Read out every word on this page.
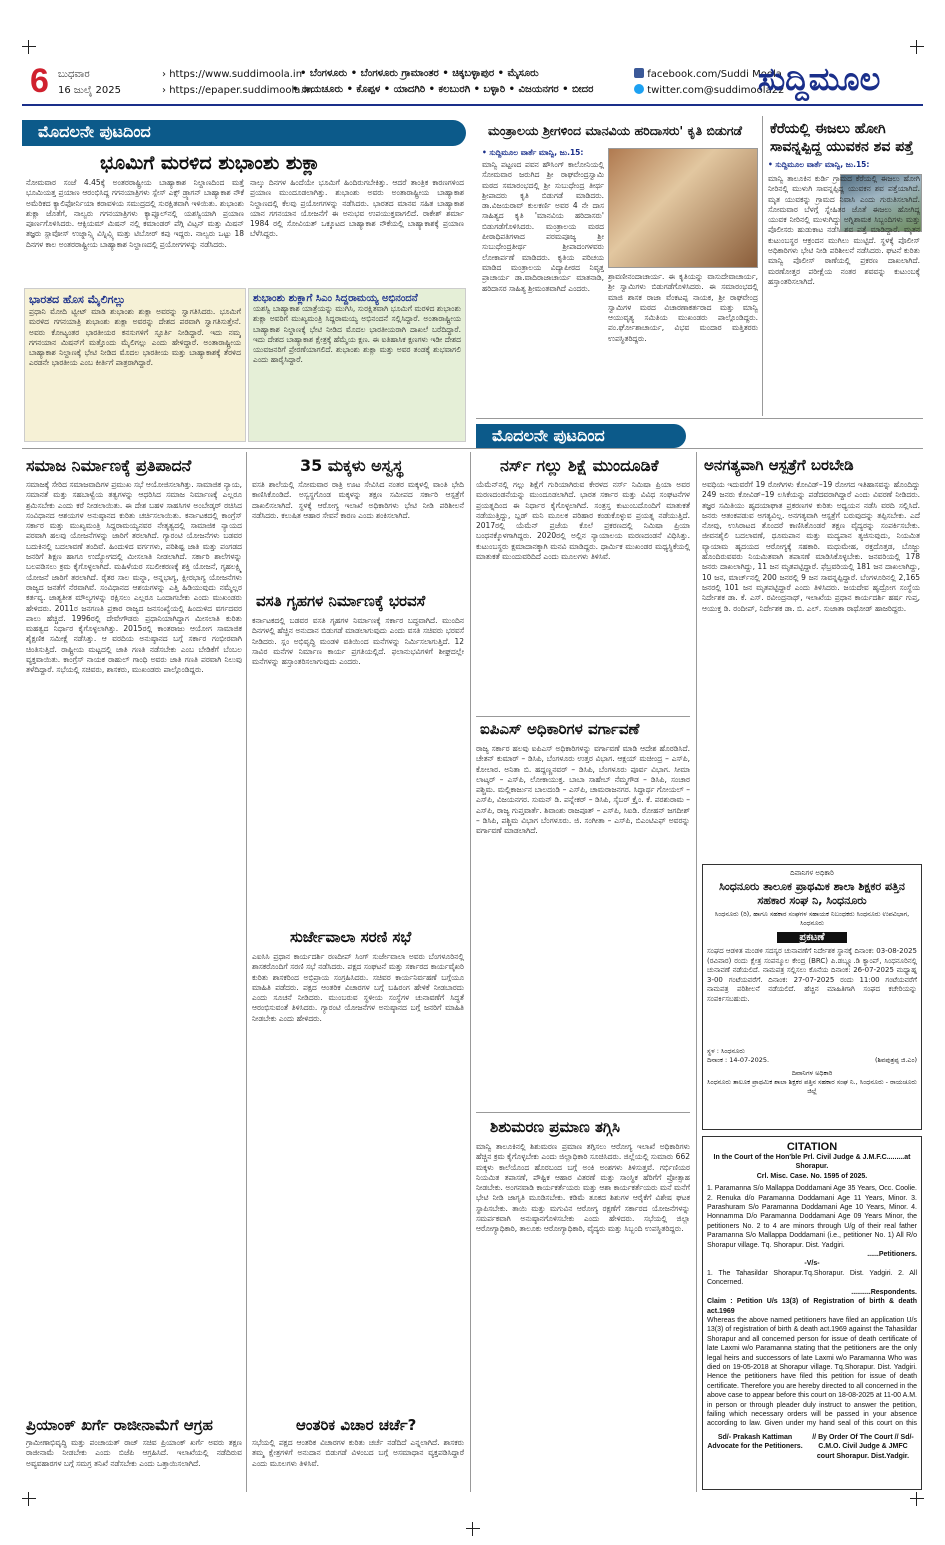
6 ಬುಧವಾರ
16 ಜುಲೈ 2025
› https://www.suddimoola.in
› https://epaper.suddimoola.in
• ಬೆಂಗಳೂರು • ಬೆಂಗಳೂರು ಗ್ರಾಮಾಂತರ • ಚಿಕ್ಕಬಳ್ಳಾಪುರ • ಮೈಸೂರು
• ರಾಯಚೂರು • ಕೊಪ್ಪಳ • ಯಾದಗಿರಿ • ಕಲಬುರಗಿ • ಬಳ್ಳಾರಿ • ವಿಜಯನಗರ • ಬೀದರ
facebook.com/Suddi Moola
twitter.com@suddimoola22
ಸುದ್ದಿಮೂಲ
ಮೊದಲನೇ ಪುಟದಿಂದ
ಭೂಮಿಗೆ ಮರಳಿದ ಶುಭಾಂಶು ಶುಕ್ಲಾ
ನೋಮವಾರ ಸಂಜೆ 4.45ಕ್ಕೆ ಅಂತರರಾಷ್ಟ್ರೀಯ ಬಾಹ್ಯಾಕಾಶ ನಿಲ್ದಾಣದಿಂದ ಮತ್ತೆ ಭೂಮಿಯತ್ತ ಪ್ರಯಾಣ ಆರಂಭಿಸಿದ್ದ ಗಗನಯಾತ್ರಿಗಳು ಸ್ಪೇಸ್ ಎಕ್ಸ್ ಡ್ರ್ಯಾಗನ್ ಬಾಹ್ಯಾಕಾಶ ನೌಕೆ ಅಮೆರಿಕದ ಕ್ಯಾಲಿಫೋರ್ನಿಯಾ ಕರಾವಳಿಯ ಸಮುದ್ರದಲ್ಲಿ ಸುರಕ್ಷಿತವಾಗಿ ಇಳಿಯಿತು. ಶುಭಾಂಶು ಶುಕ್ಲಾ ಜೊತೆಗೆ, ನಾಲ್ವರು ಗಗನಯಾತ್ರಿಗಳು ಕ್ಯಾಪ್ಸೂಲ್‌ನಲ್ಲಿ ಯಶಸ್ವಿಯಾಗಿ ಪ್ರಯಾಣ ಪೂರ್ಣಗೊಳಿಸಿದರು. ಆಕ್ಸಿಯಮ್ ಮಿಷನ್ ನಲ್ಲಿ ಕಮಾಂಡರ್ ಪೆಗ್ಗಿ ವಿಟ್ಸನ್ ಮತ್ತು ಮಿಷನ್ ತಜ್ಞರು ಸ್ಲಾವೋಸ್ ಉಜ್ನಾನ್ಸ್ಕಿ ವಿಸ್ನಿವ್ಸ್ಕಿ ಮತ್ತು ಟಿಬೋರ್ ಕಪು ಇದ್ದರು. ನಾಲ್ವರು ಒಟ್ಟು 18 ದಿನಗಳ ಕಾಲ ಅಂತರರಾಷ್ಟ್ರೀಯ ಬಾಹ್ಯಾಕಾಶ ನಿಲ್ದಾಣದಲ್ಲಿ ಪ್ರಯೋಗಗಳನ್ನು ನಡೆಸಿದರು.
ನಾಲ್ಕು ದಿನಗಳ ಹಿಂದೆಯೇ ಭೂಮಿಗೆ ಹಿಂದಿರುಗಬೇಕಿತ್ತು. ಆದರೆ ತಾಂತ್ರಿಕ ಕಾರಣಗಳಿಂದ ಪ್ರಯಾಣ ಮುಂದೂಡಲಾಗಿತ್ತು. ಶುಭಾಂಶು ಅವರು ಅಂತಾರಾಷ್ಟ್ರೀಯ ಬಾಹ್ಯಾಕಾಶ ನಿಲ್ದಾಣದಲ್ಲಿ ಕೆಲವು ಪ್ರಯೋಗಗಳನ್ನು ನಡೆಸಿದರು. ಭಾರತದ ಮಾನವ ಸಹಿತ ಬಾಹ್ಯಾಕಾಶ ಯಾನ ಗಗನಯಾನ ಯೋಜನೆಗೆ ಈ ಅನುಭವ ಉಪಯುಕ್ತವಾಗಲಿದೆ. ರಾಕೇಶ್ ಶರ್ಮಾ 1984 ರಲ್ಲಿ ಸೋವಿಯತ್ ಒಕ್ಕೂಟದ ಬಾಹ್ಯಾಕಾಶ ನೌಕೆಯಲ್ಲಿ ಬಾಹ್ಯಾಕಾಶಕ್ಕೆ ಪ್ರಯಾಣ ಬೆಳೆಸಿದ್ದರು.
ಭಾರತದ ಹೊಸ ಮೈಲಿಗಲ್ಲು
ಪ್ರಧಾನಿ ಮೋದಿ ಟ್ವೀಟ್ ಮಾಡಿ ಶುಭಾಂಶು ಶುಕ್ಲಾ ಅವರನ್ನು ಸ್ವಾಗತಿಸಿದರು. ಭೂಮಿಗೆ ಮರಳಿದ ಗಗನಯಾತ್ರಿ ಶುಭಾಂಶು ಶುಕ್ಲಾ ಅವರನ್ನು ದೇಶದ ಪರವಾಗಿ ಸ್ವಾಗತಿಸುತ್ತೇನೆ. ಅವರು ಕೋಟ್ಯಂತರ ಭಾರತೀಯರ ಕನಸುಗಳಿಗೆ ಸ್ಫೂರ್ತಿ ನೀಡಿದ್ದಾರೆ. ಇದು ನಮ್ಮ ಗಗನಯಾನ ಮಿಷನ್‌ಗೆ ಮತ್ತೊಂದು ಮೈಲಿಗಲ್ಲು ಎಂದು ಹೇಳಿದ್ದಾರೆ. ಅಂತಾರಾಷ್ಟ್ರೀಯ ಬಾಹ್ಯಾಕಾಶ ನಿಲ್ದಾಣಕ್ಕೆ ಭೇಟಿ ನೀಡಿದ ಮೊದಲ ಭಾರತೀಯ ಮತ್ತು ಬಾಹ್ಯಾಕಾಶಕ್ಕೆ ತೆರಳಿದ ಎರಡನೇ ಭಾರತೀಯ ಎಂಬ ಕೀರ್ತಿಗೆ ಪಾತ್ರರಾಗಿದ್ದಾರೆ.
ಶುಭಾಂಶು ಶುಕ್ಲಾಗೆ ಸಿಎಂ ಸಿದ್ದರಾಮಯ್ಯ ಅಭಿನಂದನೆ
ಯಶಸ್ವಿ ಬಾಹ್ಯಾಕಾಶ ಯಾತ್ರೆಯನ್ನು ಮುಗಿಸಿ, ಸುರಕ್ಷಿತವಾಗಿ ಭೂಮಿಗೆ ಮರಳಿದ ಶುಭಾಂಶು ಶುಕ್ಲಾ ಅವರಿಗೆ ಮುಖ್ಯಮಂತ್ರಿ ಸಿದ್ದರಾಮಯ್ಯ ಅಭಿನಂದನೆ ಸಲ್ಲಿಸಿದ್ದಾರೆ. ಅಂತಾರಾಷ್ಟ್ರೀಯ ಬಾಹ್ಯಾಕಾಶ ನಿಲ್ದಾಣಕ್ಕೆ ಭೇಟಿ ನೀಡಿದ ಮೊದಲ ಭಾರತೀಯರಾಗಿ ದಾಖಲೆ ಬರೆದಿದ್ದಾರೆ. ಇದು ದೇಶದ ಬಾಹ್ಯಾಕಾಶ ಕ್ಷೇತ್ರಕ್ಕೆ ಹೆಮ್ಮೆಯ ಕ್ಷಣ. ಈ ಐತಿಹಾಸಿಕ ಕ್ಷಣಗಳು ಇಡೀ ದೇಶದ ಯುವಜನರಿಗೆ ಪ್ರೇರಣೆಯಾಗಲಿದೆ. ಶುಭಾಂಶು ಶುಕ್ಲಾ ಮತ್ತು ಅವರ ತಂಡಕ್ಕೆ ಶುಭವಾಗಲಿ ಎಂದು ಹಾರೈಸಿದ್ದಾರೆ.
ಮಂತ್ರಾಲಯ ಶ್ರೀಗಳಿಂದ ಮಾನವಿಯ ಹರಿದಾಸರು' ಕೃತಿ ಬಿಡುಗಡೆ
• ಸುದ್ದಿಮೂಲ ವಾರ್ತೆ ಮಾನ್ವಿ, ಜು.15:
ಮಾನ್ವಿ ಪಟ್ಟಣದ ಪವನ ಹೌಸಿಂಗ್ ಕಾಲೋನಿಯಲ್ಲಿ ಸೋಮವಾರ ಜರುಗಿದ ಶ್ರೀ ರಾಘವೇಂದ್ರಸ್ವಾಮಿ ಮಠದ ಸಮಾರಂಭದಲ್ಲಿ ಶ್ರೀ ಸುಬುಧೇಂದ್ರ ತೀರ್ಥ ಶ್ರೀಪಾದರು ಕೃತಿ ಬಿಡುಗಡೆ ಮಾಡಿದರು. ಡಾ.ವಿಜಯರಾವ್ ಕುಲಕರ್ಣಿ ಅವರ 4 ನೇ ದಾಸ ಸಾಹಿತ್ಯದ ಕೃತಿ 'ಮಾನವಿಯ ಹರಿದಾಸರು' ಬಿಡುಗಡೆಗೊಳಿಸಿದರು. ಮಂತ್ರಾಲಯ ಮಠದ ಪೀಠಾಧಿಪತಿಗಳಾದ ಪರಮಪೂಜ್ಯ ಶ್ರೀ ಸುಬುಧೇಂದ್ರತೀರ್ಥ ಶ್ರೀಪಾದಂಗಳವರು ಲೋಕಾರ್ಪಣೆ ಮಾಡಿದರು. ಕೃತಿಯ ಪರಿಚಯ ಮಾಡಿದ ಮಂತ್ರಾಲಯ ವಿದ್ಯಾಪೀಠದ ನಿವೃತ್ತ ಪ್ರಾಚಾರ್ಯ ಡಾ.ವಾದಿರಾಜಾಚಾರ್ಯ ಮಾತನಾಡಿ, ಹರಿದಾಸರ ಸಾಹಿತ್ಯ ಶ್ರೀಮಂತವಾಗಿದೆ ಎಂದರು.
ಶ್ರಾವಣೀನಂದಾಚಾರ್ಯ. ಈ ಕೃತಿಯನ್ನು ವಾಸುದೇವಾಚಾರ್ಯ, ಶ್ರೀ ಸ್ವಾಮಿಗಳು ಬಿಡುಗಡೆಗೊಳಿಸಿದರು. ಈ ಸಮಾರಂಭದಲ್ಲಿ ಮಾಜಿ ಶಾಸಕ ರಾಜಾ ವೆಂಕಟಪ್ಪ ನಾಯಕ, ಶ್ರೀ ರಾಘವೇಂದ್ರ ಸ್ವಾಮಿಗಳ ಮಠದ ವಿಚಾರಣಾಕರ್ತರಾದ ಮತ್ತು ಮಾನ್ವಿ ಆಯುವೃತ್ಯ ಸಮಿತಿಯ ಮುಖಂಡರು ಪಾಲ್ಗೊಂಡಿದ್ದರು. ಪಂ.ರ್ಘೋಶಾಚಾರ್ಯ, ವಿಭವ ಮಂದಾರ ಮತ್ತಿತರರು ಉಪಸ್ಥಿತರಿದ್ದರು.
ಕೆರೆಯಲ್ಲಿ ಈಜಲು ಹೋಗಿ ಸಾವನ್ನಪ್ಪಿದ್ದ ಯುವಕನ ಶವ ಪತ್ತೆ
• ಸುದ್ದಿಮೂಲ ವಾರ್ತೆ ಮಾನ್ವಿ, ಜು.15:
ಮಾನ್ವಿ ತಾಲೂಕಿನ ಕುರ್ಡಿ ಗ್ರಾಮದ ಕೆರೆಯಲ್ಲಿ ಈಜಲು ಹೋಗಿ ನೀರಿನಲ್ಲಿ ಮುಳುಗಿ ಸಾವನ್ನಪ್ಪಿದ್ದ ಯುವಕನ ಶವ ಪತ್ತೆಯಾಗಿದೆ. ಮೃತ ಯುವಕನ್ನು ಗ್ರಾಮದ ನಿವಾಸಿ ಎಂದು ಗುರುತಿಸಲಾಗಿದೆ. ಸೋಮವಾರ ಬೆಳಗ್ಗೆ ಸ್ನೇಹಿತರ ಜೊತೆ ಈಜಲು ಹೋಗಿದ್ದ ಯುವಕ ನೀರಿನಲ್ಲಿ ಮುಳುಗಿದ್ದು ಅಗ್ನಿಶಾಮಕ ಸಿಬ್ಬಂದಿಗಳು ಮತ್ತು ಪೊಲೀಸರು ಹುಡುಕಾಟ ನಡೆಸಿ ಶವ ಪತ್ತೆ ಮಾಡಿದ್ದಾರೆ. ಮೃತನ ಕುಟುಂಬಸ್ಥರ ಆಕ್ರಂದನ ಮುಗಿಲು ಮುಟ್ಟಿದೆ. ಸ್ಥಳಕ್ಕೆ ಪೊಲೀಸ್ ಅಧಿಕಾರಿಗಳು ಭೇಟಿ ನೀಡಿ ಪರಿಶೀಲನೆ ನಡೆಸಿದರು. ಘಟನೆ ಕುರಿತು ಮಾನ್ವಿ ಪೊಲೀಸ್ ಠಾಣೆಯಲ್ಲಿ ಪ್ರಕರಣ ದಾಖಲಾಗಿದೆ. ಮರಣೋತ್ತರ ಪರೀಕ್ಷೆಯ ನಂತರ ಶವವನ್ನು ಕುಟುಂಬಕ್ಕೆ ಹಸ್ತಾಂತರಿಸಲಾಗಿದೆ.
ಮೊದಲನೇ ಪುಟದಿಂದ
ಸಮಾಜ ನಿರ್ಮಾಣಕ್ಕೆ ಪ್ರತಿಪಾದನೆ
ಸಮಾಜಕ್ಕೆ ಸೇರಿದ ಸಮಾಜವಾದಿಗಳ ಪ್ರಮುಖ ಸಭೆ ಆಯೋಜಿಸಲಾಗಿತ್ತು. ಸಾಮಾಜಿಕ ನ್ಯಾಯ, ಸಮಾನತೆ ಮತ್ತು ಸಹಬಾಳ್ವೆಯ ತತ್ವಗಳನ್ನು ಆಧರಿಸಿದ ಸಮಾಜ ನಿರ್ಮಾಣಕ್ಕೆ ಎಲ್ಲರೂ ಶ್ರಮಿಸಬೇಕು ಎಂದು ಕರೆ ನೀಡಲಾಯಿತು. ಈ ದೇಶ ಬಹಳ ಸಾಹಸಿಗಳ ಅಂಬೇಡ್ಕರ್ ರಚಿಸಿದ ಸಂವಿಧಾನದ ಆಶಯಗಳ ಅನುಷ್ಠಾನದ ಕುರಿತು ಚರ್ಚಿಸಲಾಯಿತು. ಕರ್ನಾಟಕದಲ್ಲಿ ಕಾಂಗ್ರೆಸ್ ಸರ್ಕಾರ ಮತ್ತು ಮುಖ್ಯಮಂತ್ರಿ ಸಿದ್ದರಾಮಯ್ಯನವರ ನೇತೃತ್ವದಲ್ಲಿ ಸಾಮಾಜಿಕ ನ್ಯಾಯದ ಪರವಾಗಿ ಹಲವು ಯೋಜನೆಗಳನ್ನು ಜಾರಿಗೆ ತರಲಾಗಿದೆ. ಗ್ಯಾರಂಟಿ ಯೋಜನೆಗಳು ಬಡವರ ಬದುಕಿನಲ್ಲಿ ಬದಲಾವಣೆ ತಂದಿವೆ. ಹಿಂದುಳಿದ ವರ್ಗಗಳು, ಪರಿಶಿಷ್ಟ ಜಾತಿ ಮತ್ತು ಪಂಗಡದ ಜನರಿಗೆ ಶಿಕ್ಷಣ ಹಾಗೂ ಉದ್ಯೋಗದಲ್ಲಿ ಮೀಸಲಾತಿ ನೀಡಲಾಗಿದೆ. ಸರ್ಕಾರಿ ಶಾಲೆಗಳನ್ನು ಬಲಪಡಿಸಲು ಕ್ರಮ ಕೈಗೊಳ್ಳಲಾಗಿದೆ. ಮಹಿಳೆಯರ ಸಬಲೀಕರಣಕ್ಕೆ ಶಕ್ತಿ ಯೋಜನೆ, ಗೃಹಲಕ್ಷ್ಮಿ ಯೋಜನೆ ಜಾರಿಗೆ ತರಲಾಗಿದೆ. ರೈತರ ಸಾಲ ಮನ್ನಾ, ಅನ್ನಭಾಗ್ಯ, ಕ್ಷೀರಭಾಗ್ಯ ಯೋಜನೆಗಳು ರಾಜ್ಯದ ಜನತೆಗೆ ನೆರವಾಗಿವೆ. ಸಂವಿಧಾನದ ಆಶಯಗಳನ್ನು ಎತ್ತಿ ಹಿಡಿಯುವುದು ನಮ್ಮೆಲ್ಲರ ಕರ್ತವ್ಯ. ಜಾತ್ಯತೀತ ಮೌಲ್ಯಗಳನ್ನು ರಕ್ಷಿಸಲು ಎಲ್ಲರೂ ಒಂದಾಗಬೇಕು ಎಂದು ಮುಖಂಡರು ಹೇಳಿದರು. 2011ರ ಜನಗಣತಿ ಪ್ರಕಾರ ರಾಜ್ಯದ ಜನಸಂಖ್ಯೆಯಲ್ಲಿ ಹಿಂದುಳಿದ ವರ್ಗದವರ ಪಾಲು ಹೆಚ್ಚಿದೆ. 1996ರಲ್ಲಿ ದೇವೇಗೌಡರು ಪ್ರಧಾನಿಯಾಗಿದ್ದಾಗ ಮೀಸಲಾತಿ ಕುರಿತು ಮಹತ್ವದ ನಿರ್ಧಾರ ಕೈಗೊಳ್ಳಲಾಗಿತ್ತು. 2015ರಲ್ಲಿ ಕಾಂತರಾಜು ಆಯೋಗ ಸಾಮಾಜಿಕ ಶೈಕ್ಷಣಿಕ ಸಮೀಕ್ಷೆ ನಡೆಸಿತ್ತು. ಆ ವರದಿಯ ಅನುಷ್ಠಾನದ ಬಗ್ಗೆ ಸರ್ಕಾರ ಗಂಭೀರವಾಗಿ ಚಿಂತಿಸುತ್ತಿದೆ. ರಾಷ್ಟ್ರೀಯ ಮಟ್ಟದಲ್ಲಿ ಜಾತಿ ಗಣತಿ ನಡೆಸಬೇಕು ಎಂಬ ಬೇಡಿಕೆಗೆ ಬೆಂಬಲ ವ್ಯಕ್ತವಾಯಿತು. ಕಾಂಗ್ರೆಸ್ ನಾಯಕ ರಾಹುಲ್ ಗಾಂಧಿ ಅವರು ಜಾತಿ ಗಣತಿ ಪರವಾಗಿ ನಿಲುವು ತಳೆದಿದ್ದಾರೆ. ಸಭೆಯಲ್ಲಿ ಸಚಿವರು, ಶಾಸಕರು, ಮುಖಂಡರು ಪಾಲ್ಗೊಂಡಿದ್ದರು.
ಪ್ರಿಯಾಂಕ್ ಖರ್ಗೆ ರಾಜೀನಾಮೆಗೆ ಆಗ್ರಹ
ಗ್ರಾಮೀಣಾಭಿವೃದ್ಧಿ ಮತ್ತು ಪಂಚಾಯತ್ ರಾಜ್ ಸಚಿವ ಪ್ರಿಯಾಂಕ್ ಖರ್ಗೆ ಅವರು ತಕ್ಷಣ ರಾಜೀನಾಮೆ ನೀಡಬೇಕು ಎಂದು ಬಿಜೆಪಿ ಆಗ್ರಹಿಸಿದೆ. ಇಲಾಖೆಯಲ್ಲಿ ನಡೆದಿರುವ ಅವ್ಯವಹಾರಗಳ ಬಗ್ಗೆ ಸಮಗ್ರ ತನಿಖೆ ನಡೆಸಬೇಕು ಎಂದು ಒತ್ತಾಯಿಸಲಾಗಿದೆ.
35 ಮಕ್ಕಳು ಅಸ್ವಸ್ಥ
ವಸತಿ ಶಾಲೆಯಲ್ಲಿ ಸೋಮವಾರ ರಾತ್ರಿ ಊಟ ಸೇವಿಸಿದ ನಂತರ ಮಕ್ಕಳಲ್ಲಿ ವಾಂತಿ ಭೇದಿ ಕಾಣಿಸಿಕೊಂಡಿದೆ. ಅಸ್ವಸ್ಥಗೊಂಡ ಮಕ್ಕಳನ್ನು ತಕ್ಷಣ ಸಮೀಪದ ಸರ್ಕಾರಿ ಆಸ್ಪತ್ರೆಗೆ ದಾಖಲಿಸಲಾಗಿದೆ. ಸ್ಥಳಕ್ಕೆ ಆರೋಗ್ಯ ಇಲಾಖೆ ಅಧಿಕಾರಿಗಳು ಭೇಟಿ ನೀಡಿ ಪರಿಶೀಲನೆ ನಡೆಸಿದರು. ಕಲುಷಿತ ಆಹಾರ ಸೇವನೆ ಕಾರಣ ಎಂದು ಶಂಕಿಸಲಾಗಿದೆ.
ವಸತಿ ಗೃಹಗಳ ನಿರ್ಮಾಣಕ್ಕೆ ಭರವಸೆ
ಕರ್ನಾಟಕದಲ್ಲಿ ಬಡವರ ವಸತಿ ಗೃಹಗಳ ನಿರ್ಮಾಣಕ್ಕೆ ಸರ್ಕಾರ ಬದ್ಧವಾಗಿದೆ. ಮುಂದಿನ ದಿನಗಳಲ್ಲಿ ಹೆಚ್ಚಿನ ಅನುದಾನ ಬಿಡುಗಡೆ ಮಾಡಲಾಗುವುದು ಎಂದು ವಸತಿ ಸಚಿವರು ಭರವಸೆ ನೀಡಿದರು. ಸ್ಲಂ ಅಭಿವೃದ್ಧಿ ಮಂಡಳಿ ವತಿಯಿಂದ ಮನೆಗಳನ್ನು ನಿರ್ಮಿಸಲಾಗುತ್ತಿದೆ. 12 ಸಾವಿರ ಮನೆಗಳ ನಿರ್ಮಾಣ ಕಾರ್ಯ ಪ್ರಗತಿಯಲ್ಲಿದೆ. ಫಲಾನುಭವಿಗಳಿಗೆ ಶೀಘ್ರದಲ್ಲೇ ಮನೆಗಳನ್ನು ಹಸ್ತಾಂತರಿಸಲಾಗುವುದು ಎಂದರು.
ಸುರ್ಜೇವಾಲಾ ಸರಣಿ ಸಭೆ
ಎಐಸಿಸಿ ಪ್ರಧಾನ ಕಾರ್ಯದರ್ಶಿ ರಣದೀಪ್ ಸಿಂಗ್ ಸುರ್ಜೇವಾಲಾ ಅವರು ಬೆಂಗಳೂರಿನಲ್ಲಿ ಶಾಸಕರೊಂದಿಗೆ ಸರಣಿ ಸಭೆ ನಡೆಸಿದರು. ಪಕ್ಷದ ಸಂಘಟನೆ ಮತ್ತು ಸರ್ಕಾರದ ಕಾರ್ಯವೈಖರಿ ಕುರಿತು ಶಾಸಕರಿಂದ ಅಭಿಪ್ರಾಯ ಸಂಗ್ರಹಿಸಿದರು. ಸಚಿವರ ಕಾರ್ಯನಿರ್ವಹಣೆ ಬಗ್ಗೆಯೂ ಮಾಹಿತಿ ಪಡೆದರು. ಪಕ್ಷದ ಆಂತರಿಕ ವಿಚಾರಗಳ ಬಗ್ಗೆ ಬಹಿರಂಗ ಹೇಳಿಕೆ ನೀಡಬಾರದು ಎಂದು ಸೂಚನೆ ನೀಡಿದರು. ಮುಂಬರುವ ಸ್ಥಳೀಯ ಸಂಸ್ಥೆಗಳ ಚುನಾವಣೆಗೆ ಸಿದ್ಧತೆ ಆರಂಭಿಸುವಂತೆ ತಿಳಿಸಿದರು. ಗ್ಯಾರಂಟಿ ಯೋಜನೆಗಳ ಅನುಷ್ಠಾನದ ಬಗ್ಗೆ ಜನರಿಗೆ ಮಾಹಿತಿ ನೀಡಬೇಕು ಎಂದು ಹೇಳಿದರು.
ಆಂತರಿಕ ವಿಚಾರ ಚರ್ಚೆ?
ಸಭೆಯಲ್ಲಿ ಪಕ್ಷದ ಆಂತರಿಕ ವಿಚಾರಗಳ ಕುರಿತು ಚರ್ಚೆ ನಡೆದಿದೆ ಎನ್ನಲಾಗಿದೆ. ಶಾಸಕರು ತಮ್ಮ ಕ್ಷೇತ್ರಗಳಿಗೆ ಅನುದಾನ ಬಿಡುಗಡೆ ವಿಳಂಬದ ಬಗ್ಗೆ ಅಸಮಾಧಾನ ವ್ಯಕ್ತಪಡಿಸಿದ್ದಾರೆ ಎಂದು ಮೂಲಗಳು ತಿಳಿಸಿವೆ.
ನರ್ಸ್ ಗಲ್ಲು ಶಿಕ್ಷೆ ಮುಂದೂಡಿಕೆ
ಯೆಮೆನ್‌ನಲ್ಲಿ ಗಲ್ಲು ಶಿಕ್ಷೆಗೆ ಗುರಿಯಾಗಿರುವ ಕೇರಳದ ನರ್ಸ್ ನಿಮಿಷಾ ಪ್ರಿಯಾ ಅವರ ಮರಣದಂಡನೆಯನ್ನು ಮುಂದೂಡಲಾಗಿದೆ. ಭಾರತ ಸರ್ಕಾರ ಮತ್ತು ವಿವಿಧ ಸಂಘಟನೆಗಳ ಪ್ರಯತ್ನದಿಂದ ಈ ನಿರ್ಧಾರ ಕೈಗೊಳ್ಳಲಾಗಿದೆ. ಸಂತ್ರಸ್ತ ಕುಟುಂಬದೊಂದಿಗೆ ಮಾತುಕತೆ ನಡೆಯುತ್ತಿದ್ದು, ಬ್ಲಡ್ ಮನಿ ಮೂಲಕ ಪರಿಹಾರ ಕಂಡುಕೊಳ್ಳುವ ಪ್ರಯತ್ನ ನಡೆಯುತ್ತಿದೆ. 2017ರಲ್ಲಿ ಯೆಮೆನ್ ಪ್ರಜೆಯ ಕೊಲೆ ಪ್ರಕರಣದಲ್ಲಿ ನಿಮಿಷಾ ಪ್ರಿಯಾ ಬಂಧನಕ್ಕೊಳಗಾಗಿದ್ದರು. 2020ರಲ್ಲಿ ಅಲ್ಲಿನ ನ್ಯಾಯಾಲಯ ಮರಣದಂಡನೆ ವಿಧಿಸಿತ್ತು. ಕುಟುಂಬಸ್ಥರು ಕ್ಷಮಾದಾನಕ್ಕಾಗಿ ಮನವಿ ಮಾಡಿದ್ದರು. ಧಾರ್ಮಿಕ ಮುಖಂಡರ ಮಧ್ಯಸ್ಥಿಕೆಯಲ್ಲಿ ಮಾತುಕತೆ ಮುಂದುವರಿದಿದೆ ಎಂದು ಮೂಲಗಳು ತಿಳಿಸಿವೆ.
ಐಪಿಎಸ್ ಅಧಿಕಾರಿಗಳ ವರ್ಗಾವಣೆ
ರಾಜ್ಯ ಸರ್ಕಾರ ಹಲವು ಐಪಿಎಸ್ ಅಧಿಕಾರಿಗಳನ್ನು ವರ್ಗಾವಣೆ ಮಾಡಿ ಆದೇಶ ಹೊರಡಿಸಿದೆ. ಚೇತನ್ ಕುಮಾರ್ – ಡಿಸಿಪಿ, ಬೆಂಗಳೂರು ಉತ್ತರ ವಿಭಾಗ. ಆಕ್ಷಯ್ ಮಚೀಂದ್ರ – ಎಸ್‌ಪಿ, ಕೋಲಾರ. ಅನಿತಾ ಬಿ. ಹದ್ದಣ್ಣನವರ್ – ಡಿಸಿಪಿ, ಬೆಂಗಳೂರು ಪೂರ್ವ ವಿಭಾಗ. ಸೀಮಾ ಲಾಟ್ಕರ್ – ಎಸ್‌ಪಿ, ಲೋಕಾಯುಕ್ತ. ಬಾಬಾ ಸಾಹೇಬ್ ನೆಮ್ಮಗೌಡ – ಡಿಸಿಪಿ, ಸಂಚಾರ ಪಶ್ಚಿಮ. ಮಲ್ಲಿಕಾರ್ಜುನ ಬಾಲದಂಡಿ – ಎಸ್‌ಪಿ, ಚಾಮರಾಜನಗರ. ಸಿದ್ದಾರ್ಥ ಗೋಯಲ್ – ಎಸ್‌ಪಿ, ವಿಜಯನಗರ. ಸುಮನ್ ಡಿ. ಪನ್ನೇಕರ್ – ಡಿಸಿಪಿ, ಸೈಬರ್ ಕ್ರೈಂ. ಕೆ. ಪರಶುರಾಮ – ಎಸ್‌ಪಿ, ರಾಜ್ಯ ಗುಪ್ತವಾರ್ತೆ. ಶಿವಾಂಶು ರಾಜಪೂತ್ – ಎಸ್‌ಪಿ, ಸಿಐಡಿ. ರೋಹನ್ ಜಗದೀಶ್ – ಡಿಸಿಪಿ, ಪಶ್ಚಿಮ ವಿಭಾಗ ಬೆಂಗಳೂರು. ಜಿ. ಸಂಗೀತಾ – ಎಸ್‌ಪಿ, ಬಿಎಂಟಿಎಫ್ ಅವರನ್ನು ವರ್ಗಾವಣೆ ಮಾಡಲಾಗಿದೆ.
ಶಿಶುಮರಣ ಪ್ರಮಾಣ ತಗ್ಗಿಸಿ
ಮಾನ್ವಿ ತಾಲೂಕಿನಲ್ಲಿ ಶಿಶುಮರಣ ಪ್ರಮಾಣ ತಗ್ಗಿಸಲು ಆರೋಗ್ಯ ಇಲಾಖೆ ಅಧಿಕಾರಿಗಳು ಹೆಚ್ಚಿನ ಕ್ರಮ ಕೈಗೊಳ್ಳಬೇಕು ಎಂದು ಜಿಲ್ಲಾಧಿಕಾರಿ ಸೂಚಿಸಿದರು. ಜಿಲ್ಲೆಯಲ್ಲಿ ಸುಮಾರು 662 ಮಕ್ಕಳು ಕಾಲೆಯೊಂದ ಹೊರಬಂದ ಬಗ್ಗೆ ಅಂಕಿ ಅಂಶಗಳು ತಿಳಿಸುತ್ತವೆ. ಗರ್ಭಿಣಿಯರ ನಿಯಮಿತ ತಪಾಸಣೆ, ಪೌಷ್ಟಿಕ ಆಹಾರ ವಿತರಣೆ ಮತ್ತು ಸಾಂಸ್ಥಿಕ ಹೆರಿಗೆಗೆ ಪ್ರೋತ್ಸಾಹ ನೀಡಬೇಕು. ಅಂಗನವಾಡಿ ಕಾರ್ಯಕರ್ತೆಯರು ಮತ್ತು ಆಶಾ ಕಾರ್ಯಕರ್ತೆಯರು ಮನೆ ಮನೆಗೆ ಭೇಟಿ ನೀಡಿ ಜಾಗೃತಿ ಮೂಡಿಸಬೇಕು. ಕಡಿಮೆ ತೂಕದ ಶಿಶುಗಳ ಆರೈಕೆಗೆ ವಿಶೇಷ ಘಟಕ ಸ್ಥಾಪಿಸಬೇಕು. ತಾಯಿ ಮತ್ತು ಮಗುವಿನ ಆರೋಗ್ಯ ರಕ್ಷಣೆಗೆ ಸರ್ಕಾರದ ಯೋಜನೆಗಳನ್ನು ಸಮರ್ಪಕವಾಗಿ ಅನುಷ್ಠಾನಗೊಳಿಸಬೇಕು ಎಂದು ಹೇಳಿದರು. ಸಭೆಯಲ್ಲಿ ಜಿಲ್ಲಾ ಆರೋಗ್ಯಾಧಿಕಾರಿ, ತಾಲೂಕು ಆರೋಗ್ಯಾಧಿಕಾರಿ, ವೈದ್ಯರು ಮತ್ತು ಸಿಬ್ಬಂದಿ ಉಪಸ್ಥಿತರಿದ್ದರು.
ಅನಗತ್ಯವಾಗಿ ಆಸ್ಪತ್ರೆಗೆ ಬರಬೇಡಿ
ಅವಧಿಯ ಇದುವರೆಗೆ 19 ರೋಗಿಗಳು ಕೋವಿಡ್–19 ರೋಗದ ಇತಿಹಾಸವನ್ನು ಹೊಂದಿದ್ದು 249 ಜನರು ಕೋವಿಡ್–19 ಲಸಿಕೆಯನ್ನು ಪಡೆದವರಾಗಿದ್ದಾರೆ ಎಂದು ವಿವರಣೆ ನೀಡಿದರು. ತಜ್ಞರ ಸಮಿತಿಯು ಹೃದಯಾಘಾತ ಪ್ರಕರಣಗಳ ಕುರಿತು ಅಧ್ಯಯನ ನಡೆಸಿ ವರದಿ ಸಲ್ಲಿಸಿದೆ. ಜನರು ಆತಂಕಪಡುವ ಅಗತ್ಯವಿಲ್ಲ. ಅನಗತ್ಯವಾಗಿ ಆಸ್ಪತ್ರೆಗೆ ಬರುವುದನ್ನು ತಪ್ಪಿಸಬೇಕು. ಎದೆ ನೋವು, ಉಸಿರಾಟದ ತೊಂದರೆ ಕಾಣಿಸಿಕೊಂಡರೆ ತಕ್ಷಣ ವೈದ್ಯರನ್ನು ಸಂಪರ್ಕಿಸಬೇಕು. ಜೀವನಶೈಲಿ ಬದಲಾವಣೆ, ಧೂಮಪಾನ ಮತ್ತು ಮದ್ಯಪಾನ ತ್ಯಜಿಸುವುದು, ನಿಯಮಿತ ವ್ಯಾಯಾಮ ಹೃದಯದ ಆರೋಗ್ಯಕ್ಕೆ ಸಹಕಾರಿ. ಮಧುಮೇಹ, ರಕ್ತದೊತ್ತಡ, ಬೊಜ್ಜು ಹೊಂದಿರುವವರು ನಿಯಮಿತವಾಗಿ ತಪಾಸಣೆ ಮಾಡಿಸಿಕೊಳ್ಳಬೇಕು. ಜನವರಿಯಲ್ಲಿ 178 ಜನರು ದಾಖಲಾಗಿದ್ದು, 11 ಜನ ಮೃತಪಟ್ಟಿದ್ದಾರೆ. ಫೆಬ್ರವರಿಯಲ್ಲಿ 181 ಜನ ದಾಖಲಾಗಿದ್ದು, 10 ಜನ, ಮಾರ್ಚ್‌ನಲ್ಲಿ 200 ಜನರಲ್ಲಿ 9 ಜನ ಸಾವನ್ನಪ್ಪಿದ್ದಾರೆ. ಬೆಂಗಳೂರಿನಲ್ಲಿ 2,165 ಜನರಲ್ಲಿ 101 ಜನ ಮೃತಪಟ್ಟಿದ್ದಾರೆ ಎಂದು ತಿಳಿಸಿದರು. ಜಯದೇವ ಹೃದ್ರೋಗ ಸಂಸ್ಥೆಯ ನಿರ್ದೇಶಕ ಡಾ. ಕೆ. ಎಸ್. ರವೀಂದ್ರನಾಥ್, ಇಲಾಖೆಯ ಪ್ರಧಾನ ಕಾರ್ಯದರ್ಶಿ ಹರ್ಷ ಗುಪ್ತ, ಆಯುಕ್ತ ಡಿ. ರಂದೀಪ್, ನಿರ್ದೇಶಕ ಡಾ. ಬಿ. ಎಲ್. ಸುಜಾತಾ ರಾಥೋಡ್ ಹಾಜರಿದ್ದರು.
ದಿವಾನಿಗಳ ಅಧಿಕಾರಿ
ಸಿಂಧನೂರು ತಾಲೂಕ ಪ್ರಾಥಮಿಕ ಶಾಲಾ ಶಿಕ್ಷಕರ ಪತ್ತಿನ ಸಹಕಾರ ಸಂಘ ನಿ, ಸಿಂಧನೂರು
ಸಿಂಧನೂರು (ರಿ), ಹಾಗೂ ಸಹಕಾರ ಸಂಘಗಳ ಸಹಾಯಕ ನಿಬಂಧಕರು ಸಿಂಧನೂರು ಉಪವಿಭಾಗ, ಸಿಂಧನೂರು
ಪ್ರಕಟಣೆ
ಸಂಘದ ಆಡಳಿತ ಮಂಡಳಿ ಸದಸ್ಯರ ಚುನಾವಣೆಗೆ ನಿರ್ದೇಶಕ ಸ್ಥಾನಕ್ಕೆ ದಿನಾಂಕ: 03-08-2025 (ರವಿವಾರ) ರಂದು ಕ್ಷೇತ್ರ ಸಂಪನ್ಮೂಲ ಕೇಂದ್ರ (BRC) ಪಿ.ಡಬ್ಲ್ಯೂ.ಡಿ ಕ್ಯಾಂಪ್, ಸಿಂಧನೂರಿನಲ್ಲಿ ಚುನಾವಣೆ ನಡೆಯಲಿದೆ. ನಾಮಪತ್ರ ಸಲ್ಲಿಸಲು ಕೊನೆಯ ದಿನಾಂಕ: 26-07-2025 ಮಧ್ಯಾಹ್ನ 3-00 ಗಂಟೆಯವರೆಗೆ. ದಿನಾಂಕ: 27-07-2025 ರಂದು 11:00 ಗಂಟೆಯವರೆಗೆ ನಾಮಪತ್ರ ಪರಿಶೀಲನೆ ನಡೆಯಲಿದೆ. ಹೆಚ್ಚಿನ ಮಾಹಿತಿಗಾಗಿ ಸಂಘದ ಕಚೇರಿಯನ್ನು ಸಂಪರ್ಕಿಸಬಹುದು.
ಸ್ಥಳ : ಸಿಂಧನೂರು
ದಿನಾಂಕ : 14-07-2025.	(ಶಿವಪುತ್ರಪ್ಪ ಜಿ.ಎಂ)
ದಿವಾನಿಗಳ ಅಧಿಕಾರಿ
ಸಿಂಧನೂರು ತಾಲೂಕ ಪ್ರಾಥಮಿಕ ಶಾಲಾ ಶಿಕ್ಷಕರ ಪತ್ತಿನ ಸಹಕಾರ ಸಂಘ ನಿ., ಸಿಂಧನೂರು - ರಾಯಚೂರು ಜಿಲ್ಲೆ
CITATION
In the Court of the Hon'ble Prl. Civil Judge & J.M.F.C.........at Shorapur.
Crl. Misc. Case. No. 1595 of 2025.
1. Paramanna S/o Mallappa Doddamani Age 35 Years, Occ. Coolie. 2. Renuka d/o Paramanna Doddamani Age 11 Years, Minor. 3. Parashuram S/o Paramanna Doddamani Age 10 Years, Minor. 4. Honnamma D/o Paramanna Doddamani Age 09 Years Minor, the petitioners No. 2 to 4 are minors through U/g of their real father Paramanna S/o Mallappa Doddamani (i.e., petitioner No. 1) All R/o Shorapur village. Tq. Shorapur. Dist. Yadgiri.
......Petitioners.
-V/s-
1. The Tahasildar Shorapur.Tq.Shorapur. Dist. Yadgiri. 2. All Concerned.
..........Respondents.
Claim : Petition U/s 13(3) of Registration of birth & death act.1969
Whereas the above named petitioners have filed an application U/s 13(3) of registration of birth & death act.1969 against the Tahasildar Shorapur and all concerned person for issue of death certificate of late Laxmi w/o Paramanna stating that the petitioners are the only legal heirs and successors of late Laxmi w/o Paramanna Who was died on 19-05-2018 at Shorapur village. Tq.Shorapur. Dist. Yadgiri. Hence the petitioners have filed this petition for issue of death certificate. Therefore you are hereby directed to all concerned in the above case to appear before this court on 18-08-2025 at 11-00 A.M. in person or through pleader duly instruct to answer the petition, failing which necessary orders will be passed in your absence according to law. Given under my hand seal of this court on this
Sd/- Prakash Kattiman Advocate for the Petitioners.
// By Order Of The Court // Sd/- C.M.O. Civil Judge & JMFC court Shorapur. Dist.Yadgir.
